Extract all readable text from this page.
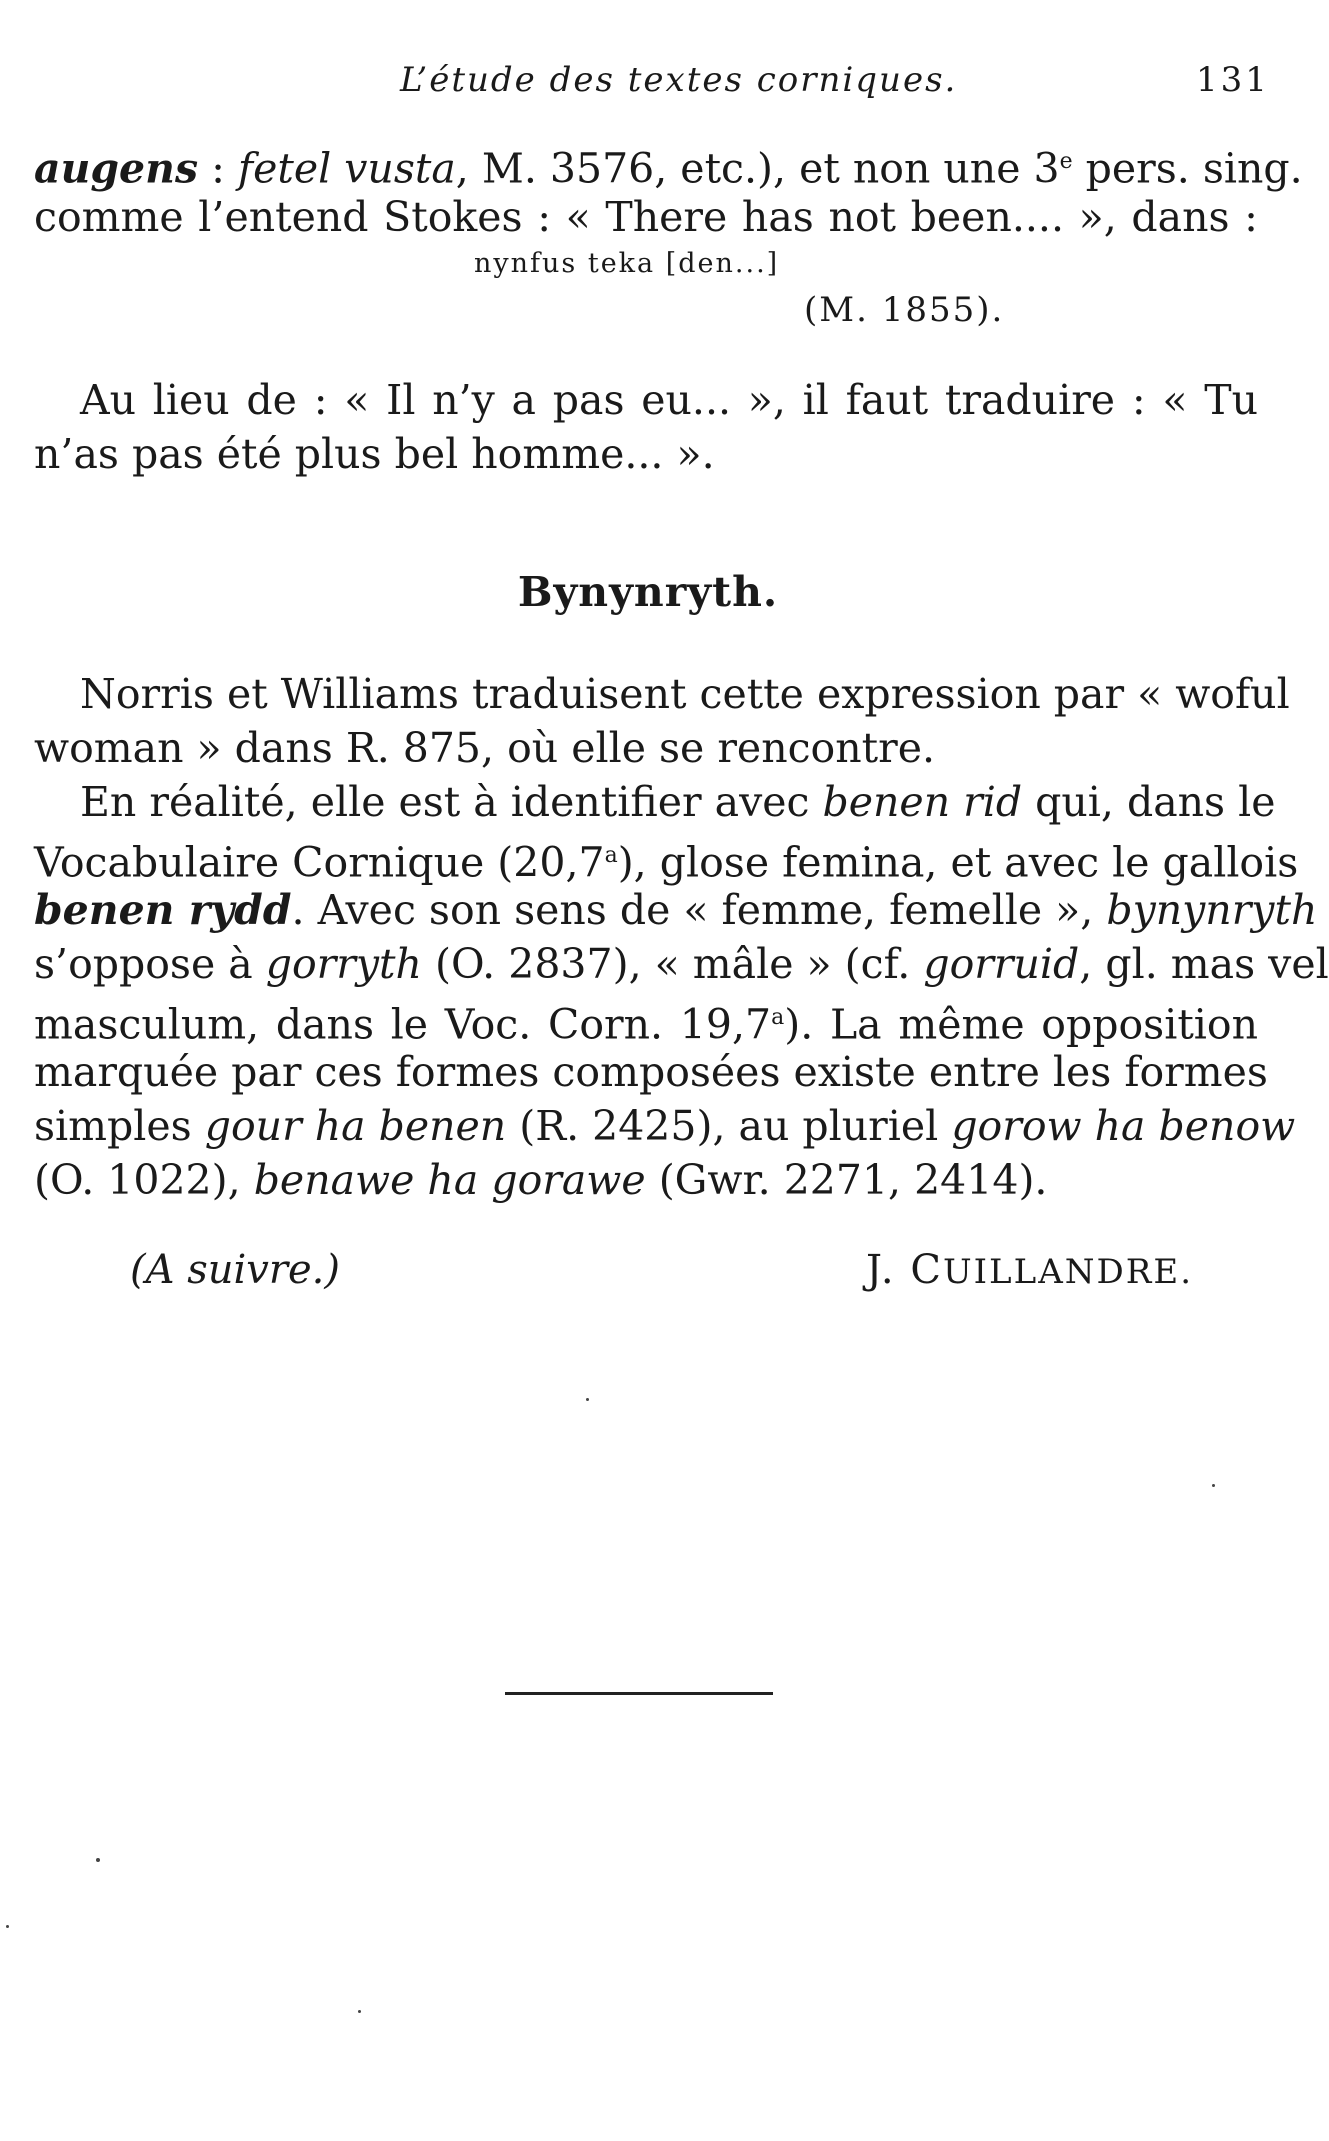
L’étude des textes corniques.	131
augens : fetel vusta, M. 3576, etc.), et non une 3e pers. sing.
comme l’entend Stokes : « There has not been.... », dans :
nynfus teka [den...]
(M. 1855).
Au lieu de : « Il n’y a pas eu... », il faut traduire : « Tu
n’as pas été plus bel homme... ».
Bynynryth.
Norris et Williams traduisent cette expression par « woful
woman » dans R. 875, où elle se rencontre.
En réalité, elle est à identifier avec benen rid qui, dans le
Vocabulaire Cornique (20,7$^a$), glose femina, et avec le gallois
benen rydd. Avec son sens de « femme, femelle », bynynryth
s’oppose à gorryth (O. 2837), « mâle » (cf. gorruid, gl. mas vel
masculum, dans le Voc. Corn. 19,7$^a$). La même opposition
marquée par ces formes composées existe entre les formes
simples gour ha benen (R. 2425), au pluriel gorow ha benow
(O. 1022), benawe ha gorawe (Gwr. 2271, 2414).
(A suivre.)	J. CUILLANDRE.
